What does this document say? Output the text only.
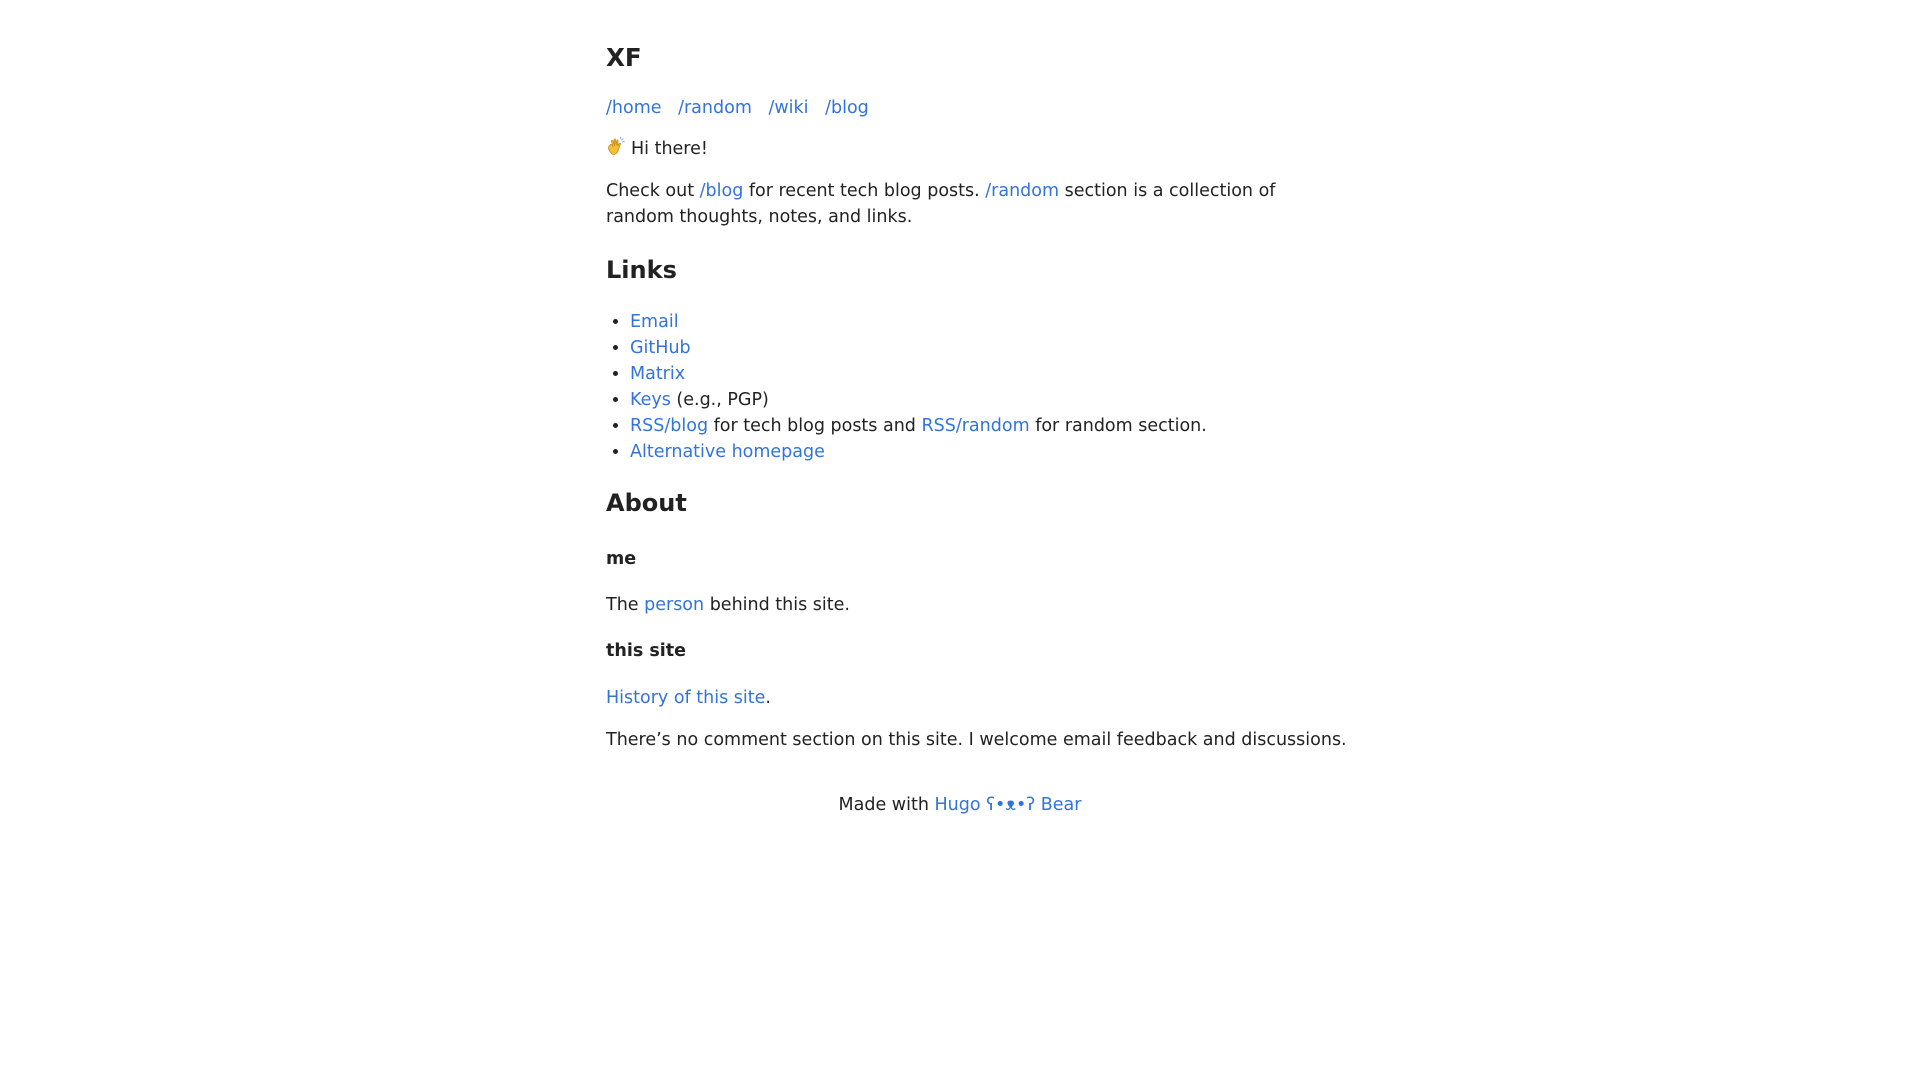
XF
/home /random /wiki /blog

Hi there!

Check out /blog for recent tech blog posts. /random section is a collection of random thoughts, notes, and links.

Links
• Email
• GitHub
• Matrix
• Keys (e.g., PGP)
• RSS/blog for tech blog posts and RSS/random for random section.
• Alternative homepage
About
me

The person behind this site.

this site

History of this site.

There’s no comment section on this site. I welcome email feedback and discussions.

Made with Hugo ʕ•ᴥ•ʔ Bear
